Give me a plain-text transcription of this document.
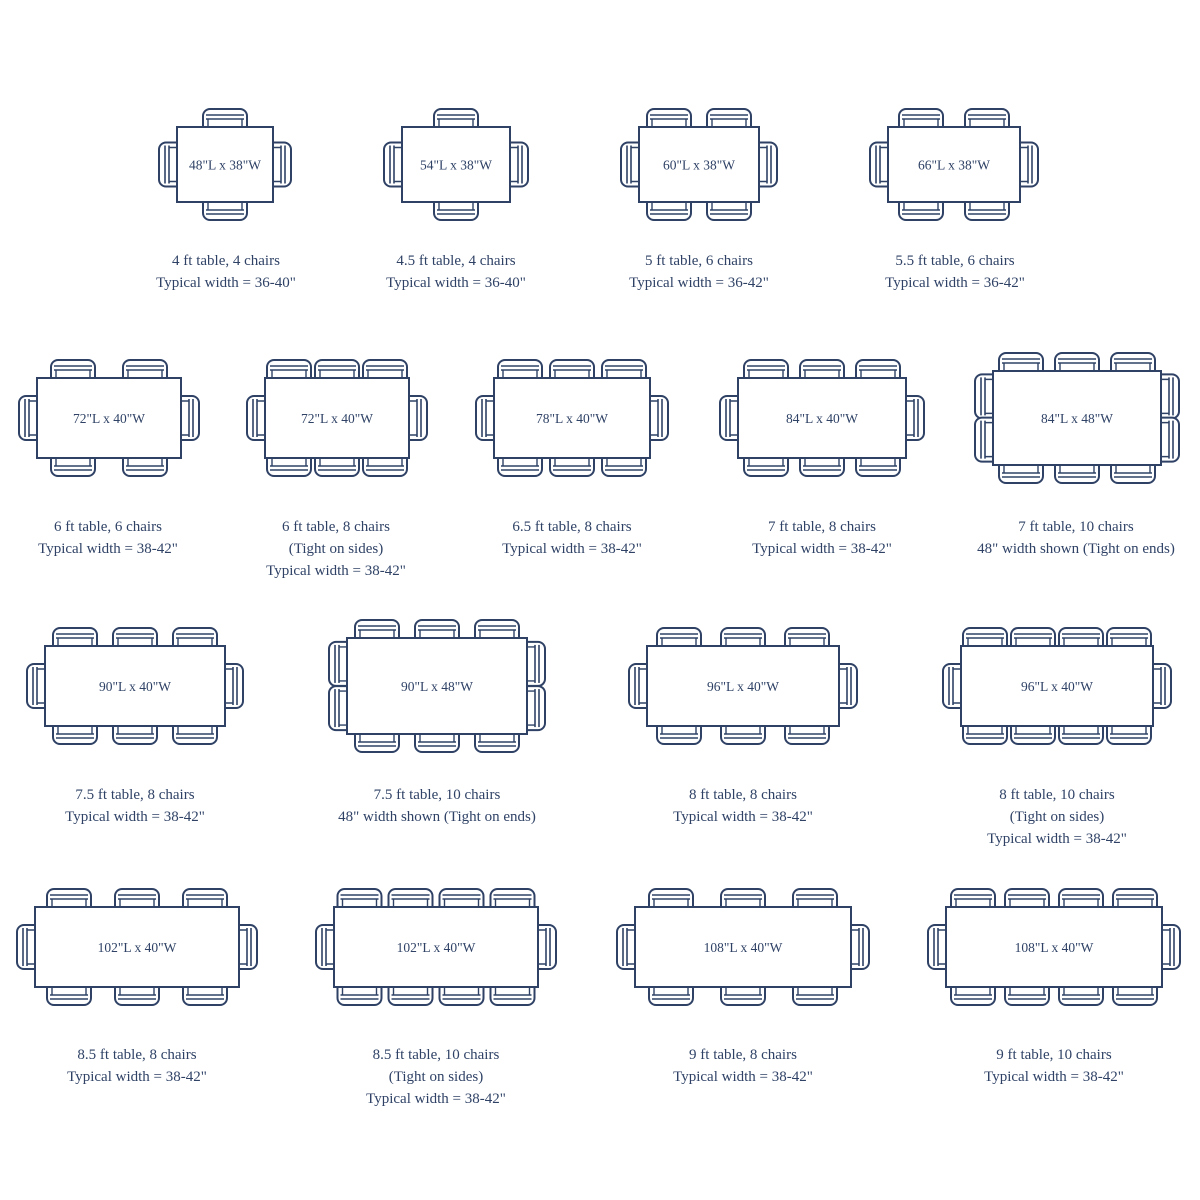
48"L x 38"W	54"L x 38"W	60"L x 38"W	66"L x 38"W
72"L x 40"W	72"L x 40"W	78"L x 40"W	84"L x 40"W	84"L x 48"W
90"L x 40"W	90"L x 48"W	96"L x 40"W	96"L x 40"W
102"L x 40"W	102"L x 40"W	108"L x 40"W	108"L x 40"W
4 ft table, 4 chairs
Typical width = 36-40"
4.5 ft table, 4 chairs
Typical width = 36-40"
5 ft table, 6 chairs
Typical width = 36-42"
5.5 ft table, 6 chairs
Typical width = 36-42"
6 ft table, 6 chairs
Typical width = 38-42"
6 ft table, 8 chairs
(Tight on sides)
Typical width = 38-42"
6.5 ft table, 8 chairs
Typical width = 38-42"
7 ft table, 8 chairs
Typical width = 38-42"
7 ft table, 10 chairs
48" width shown (Tight on ends)
7.5 ft table, 8 chairs
Typical width = 38-42"
7.5 ft table, 10 chairs
48" width shown (Tight on ends)
8 ft table, 8 chairs
Typical width = 38-42"
8 ft table, 10 chairs
(Tight on sides)
Typical width = 38-42"
8.5 ft table, 8 chairs
Typical width = 38-42"
8.5 ft table, 10 chairs
(Tight on sides)
Typical width = 38-42"
9 ft table, 8 chairs
Typical width = 38-42"
9 ft table, 10 chairs
Typical width = 38-42"
